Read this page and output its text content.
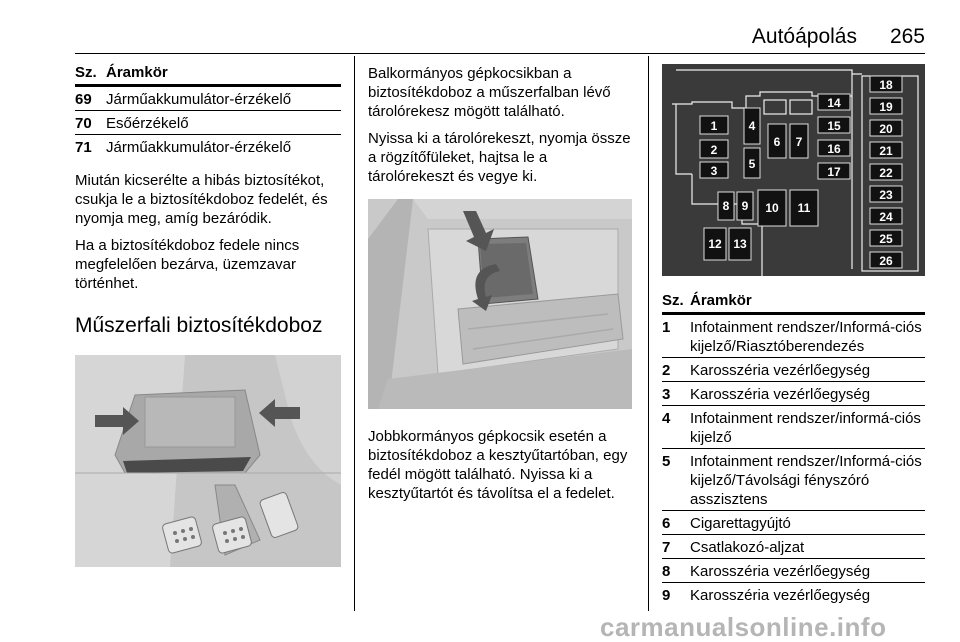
Autóápolás 265
Sz. Áramkör
69 Járműakkumulátor-érzékelő
70 Esőérzékelő
71 Járműakkumulátor-érzékelő

Miután kicserélte a hibás biztosítékot, csukja le a biztosítékdoboz fedelét, és nyomja meg, amíg bezáródik.

Ha a biztosítékdoboz fedele nincs megfelelően bezárva, üzemzavar történhet.

Műszerfali biztosítékdoboz

Balkormányos gépkocsikban a biztosítékdoboz a műszerfalban lévő tárolórekesz mögött található.

Nyissa ki a tárolórekeszt, nyomja össze a rögzítőfüleket, hajtsa le a tárolórekeszt és vegye ki.

Jobbkormányos gépkocsik esetén a biztosítékdoboz a kesztyűtartóban, egy fedél mögött található. Nyissa ki a kesztyűtartót és távolítsa el a fedelet.

1
2
3
4
5
6 7
8 9 10 11
12 13
14
15
16
17
18
19
20
21
22
23
24
25
26
Sz. Áramkör
1	Infotainment rendszer/Informá-ciós kijelző/Riasztóberendezés
2	Karosszéria vezérlőegység
3	Karosszéria vezérlőegység
4	Infotainment rendszer/informá-ciós kijelző
5	Infotainment rendszer/Informá-ciós kijelző/Távolsági fényszóró asszisztens
6	Cigarettagyújtó
7	Csatlakozó-aljzat
8	Karosszéria vezérlőegység
9	Karosszéria vezérlőegység
carmanualsonline.info
